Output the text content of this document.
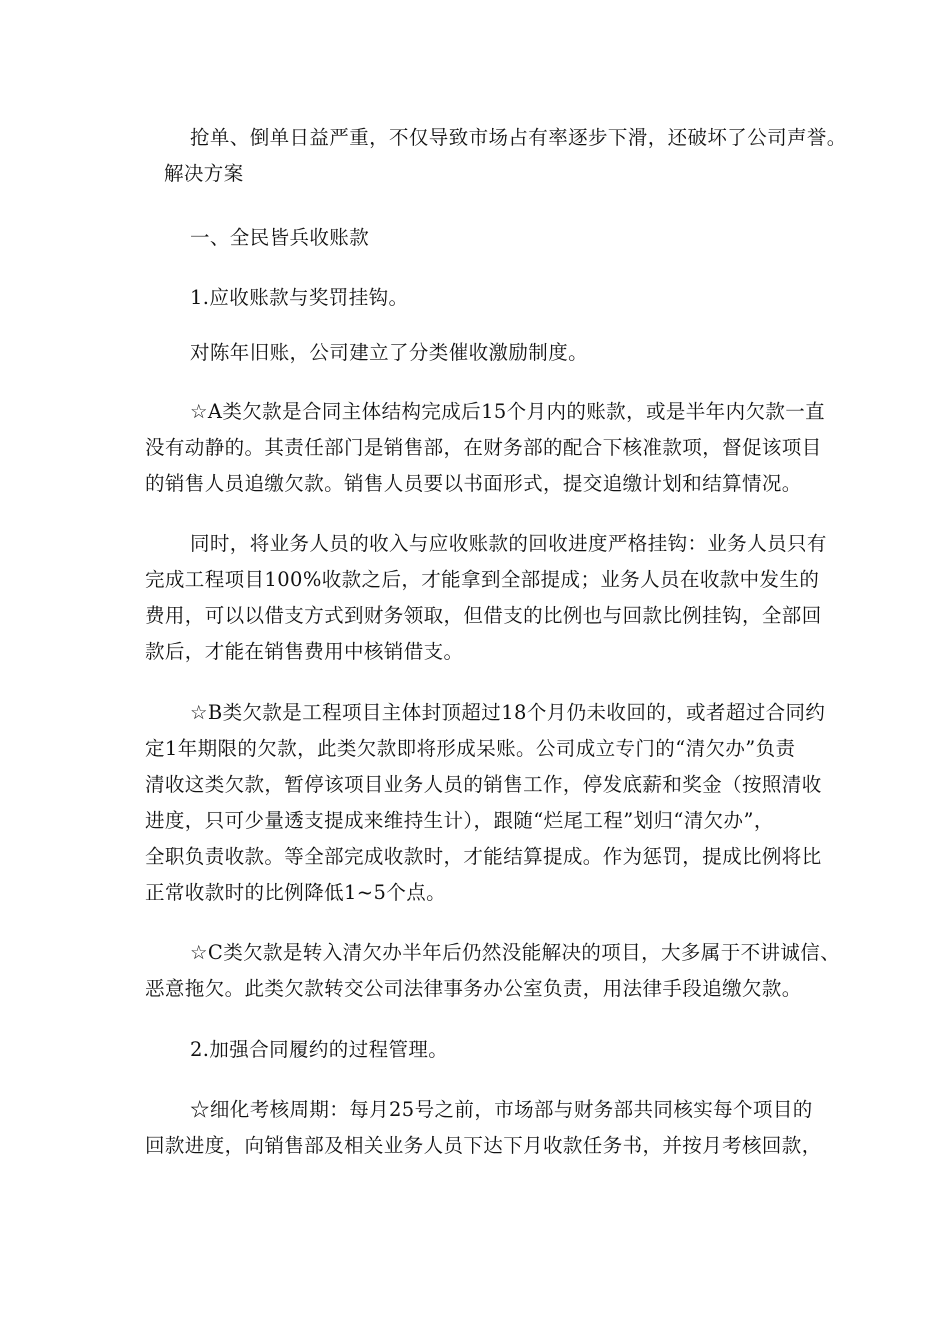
抢单、倒单日益严重，不仅导致市场占有率逐步下滑，还破坏了公司声誉。
解决方案
一、全民皆兵收账款
1.应收账款与奖罚挂钩。
对陈年旧账，公司建立了分类催收激励制度。
☆A类欠款是合同主体结构完成后15个月内的账款，或是半年内欠款一直
没有动静的。其责任部门是销售部，在财务部的配合下核准款项，督促该项目
的销售人员追缴欠款。销售人员要以书面形式，提交追缴计划和结算情况。
同时，将业务人员的收入与应收账款的回收进度严格挂钩：业务人员只有
完成工程项目100%收款之后，才能拿到全部提成；业务人员在收款中发生的
费用，可以以借支方式到财务领取，但借支的比例也与回款比例挂钩，全部回
款后，才能在销售费用中核销借支。
☆B类欠款是工程项目主体封顶超过18个月仍未收回的，或者超过合同约
定1年期限的欠款，此类欠款即将形成呆账。公司成立专门的“清欠办”负责
清收这类欠款，暂停该项目业务人员的销售工作，停发底薪和奖金（按照清收
进度，只可少量透支提成来维持生计），跟随“烂尾工程”划归“清欠办”，
全职负责收款。等全部完成收款时，才能结算提成。作为惩罚，提成比例将比
正常收款时的比例降低1~5个点。
☆C类欠款是转入清欠办半年后仍然没能解决的项目，大多属于不讲诚信、
恶意拖欠。此类欠款转交公司法律事务办公室负责，用法律手段追缴欠款。
2.加强合同履约的过程管理。
☆细化考核周期：每月25号之前，市场部与财务部共同核实每个项目的
回款进度，向销售部及相关业务人员下达下月收款任务书，并按月考核回款，
